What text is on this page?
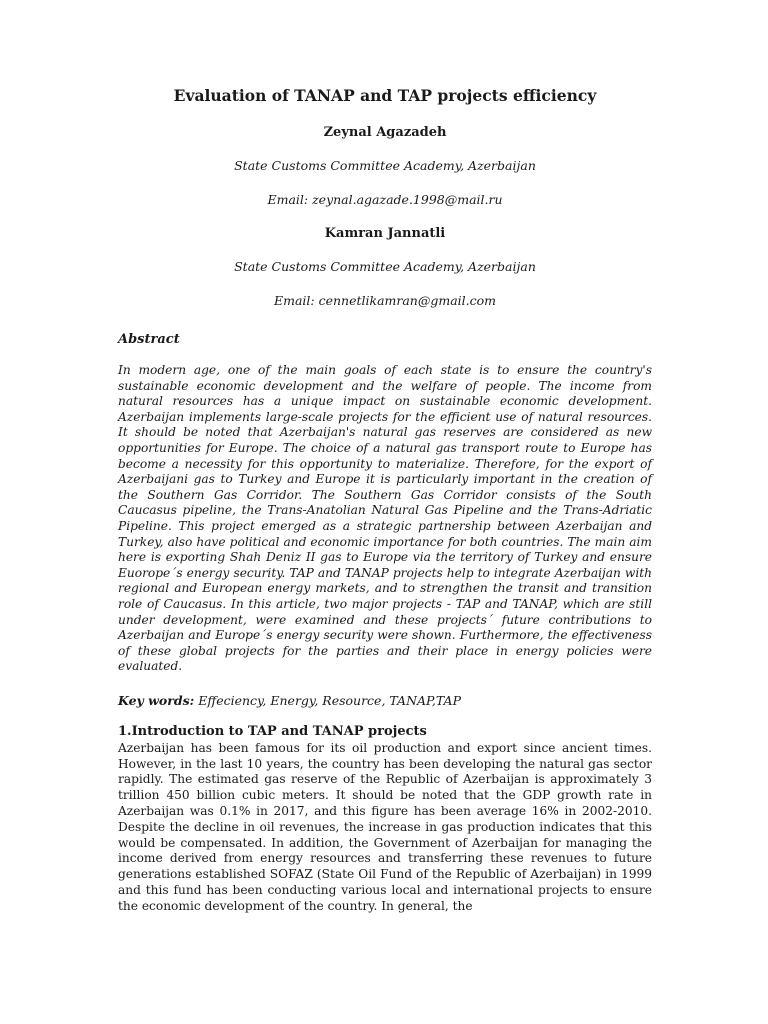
Evaluation of TANAP and TAP projects efficiency
Zeynal Agazadeh
State Customs Committee Academy, Azerbaijan
Email: zeynal.agazade.1998@mail.ru
Kamran Jannatli
State Customs Committee Academy, Azerbaijan
Email: cennetlikamran@gmail.com
Abstract

In modern age, one of the main goals of each state is to ensure the country's sustainable economic development and the welfare of people. The income from natural resources has a unique impact on sustainable economic development. Azerbaijan implements large-scale projects for the efficient use of natural resources. It should be noted that Azerbaijan's natural gas reserves are considered as new opportunities for Europe. The choice of a natural gas transport route to Europe has become a necessity for this opportunity to materialize. Therefore, for the export of Azerbaijani gas to Turkey and Europe it is particularly important in the creation of the Southern Gas Corridor. The Southern Gas Corridor consists of the South Caucasus pipeline, the Trans-Anatolian Natural Gas Pipeline and the Trans-Adriatic Pipeline. This project emerged as a strategic partnership between Azerbaijan and Turkey, also have political and economic importance for both countries. The main aim here is exporting Shah Deniz II gas to Europe via the territory of Turkey and ensure Euorope´s energy security. TAP and TANAP projects help to integrate Azerbaijan with regional and European energy markets, and to strengthen the transit and transition role of Caucasus. In this article, two major projects - TAP and TANAP, which are still under development, were examined and these projects´ future contributions to Azerbaijan and Europe´s energy security were shown. Furthermore, the effectiveness of these global projects for the parties and their place in energy policies were evaluated.

Key words: Effeciency, Energy, Resource, TANAP,TAP

1.Introduction to TAP and TANAP projects

Azerbaijan has been famous for its oil production and export since ancient times. However, in the last 10 years, the country has been developing the natural gas sector rapidly. The estimated gas reserve of the Republic of Azerbaijan is approximately 3 trillion 450 billion cubic meters. It should be noted that the GDP growth rate in Azerbaijan was 0.1% in 2017, and this figure has been average 16% in 2002-2010. Despite the decline in oil revenues, the increase in gas production indicates that this would be compensated. In addition, the Government of Azerbaijan for managing the income derived from energy resources and transferring these revenues to future generations established SOFAZ (State Oil Fund of the Republic of Azerbaijan) in 1999 and this fund has been conducting various local and international projects to ensure the economic development of the country. In general, the
